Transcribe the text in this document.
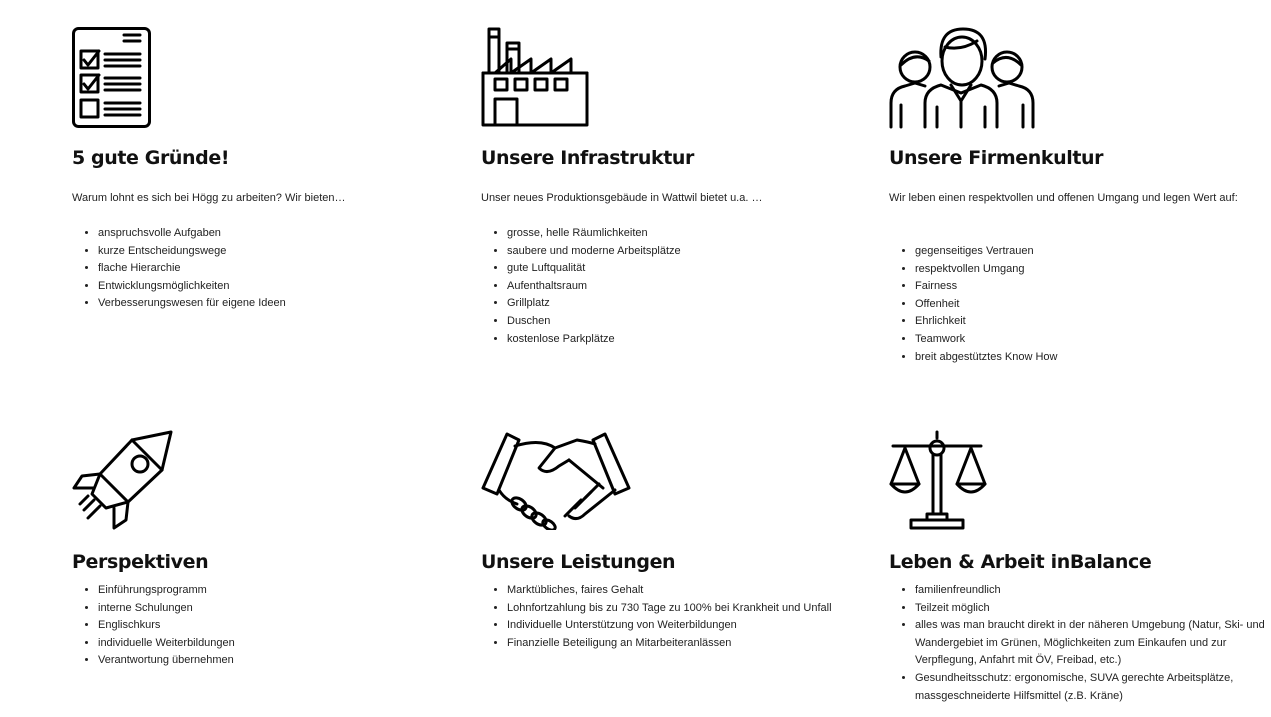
5 gute Gründe!

Warum lohnt es sich bei Högg zu arbeiten? Wir bieten…

• anspruchsvolle Aufgaben
• kurze Entscheidungswege
• flache Hierarchie
• Entwicklungsmöglichkeiten
• Verbesserungswesen für eigene Ideen
Unsere Infrastruktur

Unser neues Produktionsgebäude in Wattwil bietet u.a. …

• grosse, helle Räumlichkeiten
• saubere und moderne Arbeitsplätze
• gute Luftqualität
• Aufenthaltsraum
• Grillplatz
• Duschen
• kostenlose Parkplätze
Unsere Firmenkultur

Wir leben einen respektvollen und offenen Umgang und legen Wert auf:

• gegenseitiges Vertrauen
• respektvollen Umgang
• Fairness
• Offenheit
• Ehrlichkeit
• Teamwork
• breit abgestütztes Know How
Perspektiven
• Einführungsprogramm
• interne Schulungen
• Englischkurs
• individuelle Weiterbildungen
• Verantwortung übernehmen
Unsere Leistungen
• Marktübliches, faires Gehalt
• Lohnfortzahlung bis zu 730 Tage zu 100% bei Krankheit und Unfall
• Individuelle Unterstützung von Weiterbildungen
• Finanzielle Beteiligung an Mitarbeiteranlässen
Leben & Arbeit inBalance
• familienfreundlich
• Teilzeit möglich
• alles was man braucht direkt in der näheren Umgebung (Natur, Ski- und Wandergebiet im Grünen, Möglichkeiten zum Einkaufen und zur Verpflegung, Anfahrt mit ÖV, Freibad, etc.)
• Gesundheitsschutz: ergonomische, SUVA gerechte Arbeitsplätze, massgeschneiderte Hilfsmittel (z.B. Kräne)
